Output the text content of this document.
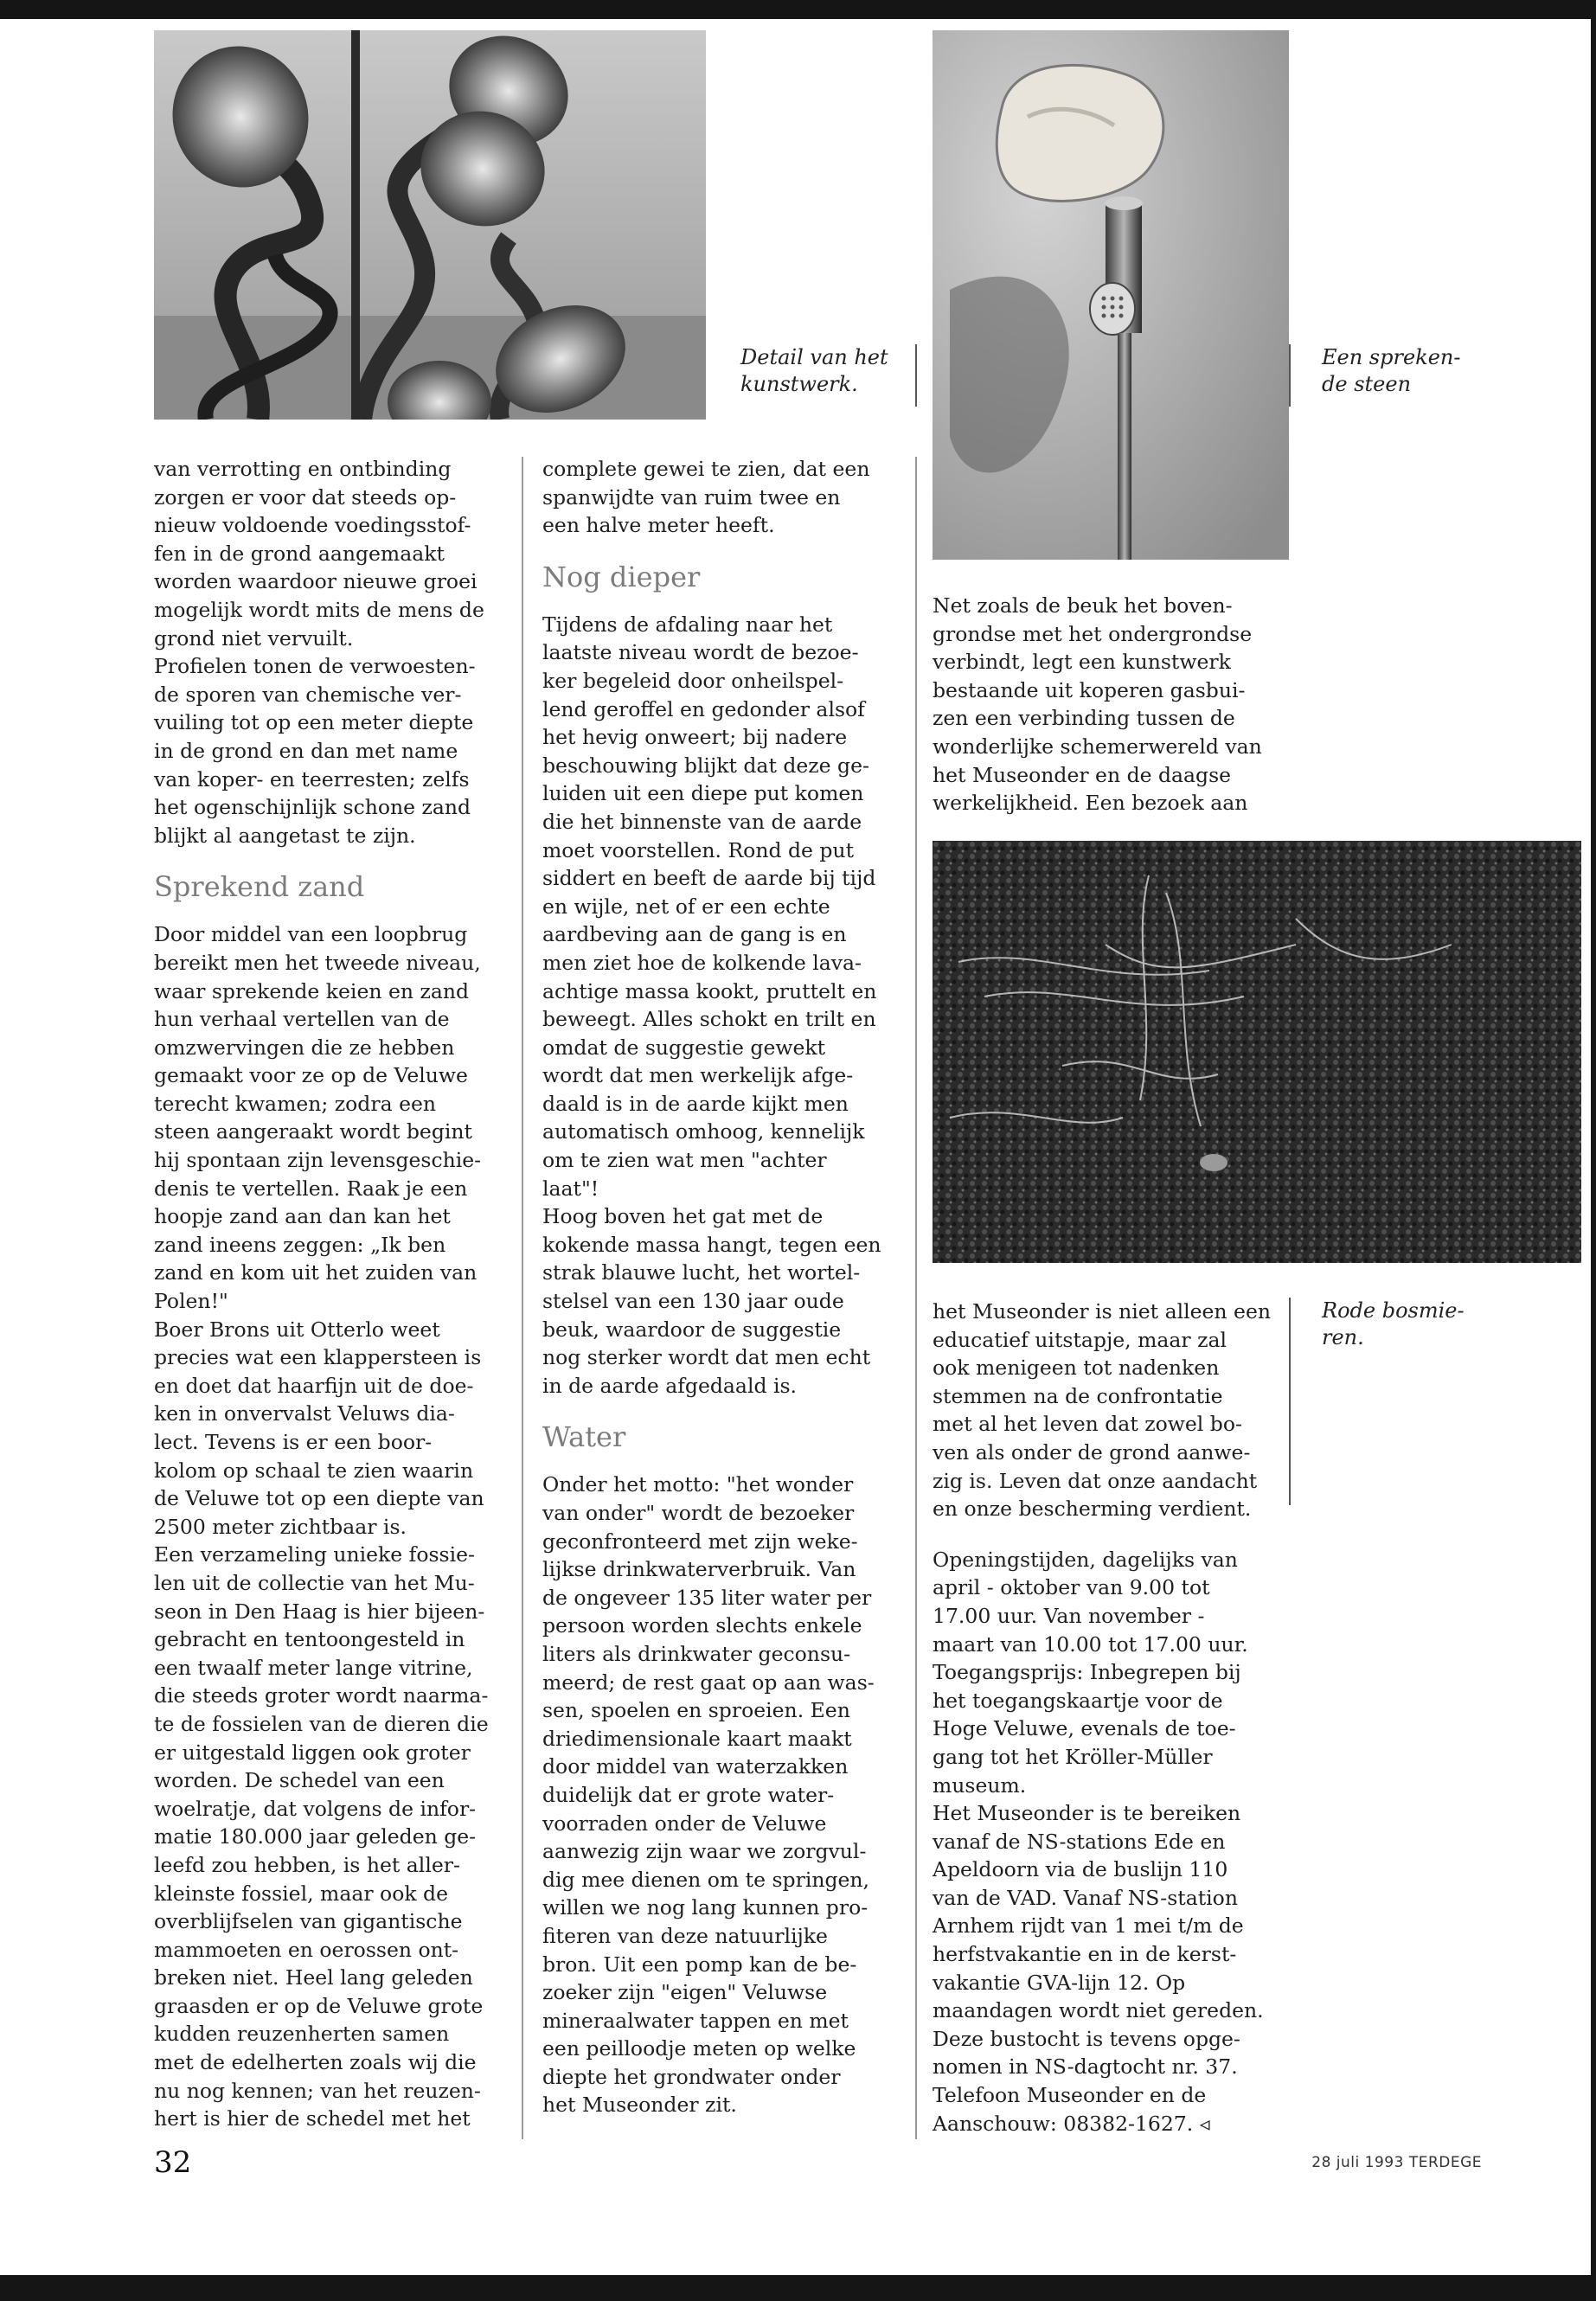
Detail van het
kunstwerk.
Een spreken-
de steen
Rode bosmie-
ren.

van verrotting en ontbinding
zorgen er voor dat steeds op-
nieuw voldoende voedingsstof-
fen in de grond aangemaakt
worden waardoor nieuwe groei
mogelijk wordt mits de mens de
grond niet vervuilt.
Profielen tonen de verwoesten-
de sporen van chemische ver-
vuiling tot op een meter diepte
in de grond en dan met name
van koper- en teerresten; zelfs
het ogenschijnlijk schone zand
blijkt al aangetast te zijn.

Sprekend zand

Door middel van een loopbrug
bereikt men het tweede niveau,
waar sprekende keien en zand
hun verhaal vertellen van de
omzwervingen die ze hebben
gemaakt voor ze op de Veluwe
terecht kwamen; zodra een
steen aangeraakt wordt begint
hij spontaan zijn levensgeschie-
denis te vertellen. Raak je een
hoopje zand aan dan kan het
zand ineens zeggen: „Ik ben
zand en kom uit het zuiden van
Polen!"
Boer Brons uit Otterlo weet
precies wat een klappersteen is
en doet dat haarfijn uit de doe-
ken in onvervalst Veluws dia-
lect. Tevens is er een boor-
kolom op schaal te zien waarin
de Veluwe tot op een diepte van
2500 meter zichtbaar is.
Een verzameling unieke fossie-
len uit de collectie van het Mu-
seon in Den Haag is hier bijeen-
gebracht en tentoongesteld in
een twaalf meter lange vitrine,
die steeds groter wordt naarma-
te de fossielen van de dieren die
er uitgestald liggen ook groter
worden. De schedel van een
woelratje, dat volgens de infor-
matie 180.000 jaar geleden ge-
leefd zou hebben, is het aller-
kleinste fossiel, maar ook de
overblijfselen van gigantische
mammoeten en oerossen ont-
breken niet. Heel lang geleden
graasden er op de Veluwe grote
kudden reuzenherten samen
met de edelherten zoals wij die
nu nog kennen; van het reuzen-
hert is hier de schedel met het

complete gewei te zien, dat een
spanwijdte van ruim twee en
een halve meter heeft.

Nog dieper

Tijdens de afdaling naar het
laatste niveau wordt de bezoe-
ker begeleid door onheilspel-
lend geroffel en gedonder alsof
het hevig onweert; bij nadere
beschouwing blijkt dat deze ge-
luiden uit een diepe put komen
die het binnenste van de aarde
moet voorstellen. Rond de put
siddert en beeft de aarde bij tijd
en wijle, net of er een echte
aardbeving aan de gang is en
men ziet hoe de kolkende lava-
achtige massa kookt, pruttelt en
beweegt. Alles schokt en trilt en
omdat de suggestie gewekt
wordt dat men werkelijk afge-
daald is in de aarde kijkt men
automatisch omhoog, kennelijk
om te zien wat men "achter
laat"!
Hoog boven het gat met de
kokende massa hangt, tegen een
strak blauwe lucht, het wortel-
stelsel van een 130 jaar oude
beuk, waardoor de suggestie
nog sterker wordt dat men echt
in de aarde afgedaald is.

Water

Onder het motto: "het wonder
van onder" wordt de bezoeker
geconfronteerd met zijn weke-
lijkse drinkwaterverbruik. Van
de ongeveer 135 liter water per
persoon worden slechts enkele
liters als drinkwater geconsu-
meerd; de rest gaat op aan was-
sen, spoelen en sproeien. Een
driedimensionale kaart maakt
door middel van waterzakken
duidelijk dat er grote water-
voorraden onder de Veluwe
aanwezig zijn waar we zorgvul-
dig mee dienen om te springen,
willen we nog lang kunnen pro-
fiteren van deze natuurlijke
bron. Uit een pomp kan de be-
zoeker zijn "eigen" Veluwse
mineraalwater tappen en met
een peilloodje meten op welke
diepte het grondwater onder
het Museonder zit.

Net zoals de beuk het boven-
grondse met het ondergrondse
verbindt, legt een kunstwerk
bestaande uit koperen gasbui-
zen een verbinding tussen de
wonderlijke schemerwereld van
het Museonder en de daagse
werkelijkheid. Een bezoek aan

het Museonder is niet alleen een
educatief uitstapje, maar zal
ook menigeen tot nadenken
stemmen na de confrontatie
met al het leven dat zowel bo-
ven als onder de grond aanwe-
zig is. Leven dat onze aandacht
en onze bescherming verdient.

Openingstijden, dagelijks van
april - oktober van 9.00 tot
17.00 uur. Van november -
maart van 10.00 tot 17.00 uur.
Toegangsprijs: Inbegrepen bij
het toegangskaartje voor de
Hoge Veluwe, evenals de toe-
gang tot het Kröller-Müller
museum.
Het Museonder is te bereiken
vanaf de NS-stations Ede en
Apeldoorn via de buslijn 110
van de VAD. Vanaf NS-station
Arnhem rijdt van 1 mei t/m de
herfstvakantie en in de kerst-
vakantie GVA-lijn 12. Op
maandagen wordt niet gereden.
Deze bustocht is tevens opge-
nomen in NS-dagtocht nr. 37.
Telefoon Museonder en de
Aanschouw: 08382-1627. ◃

32	28 juli 1993 TERDEGE
